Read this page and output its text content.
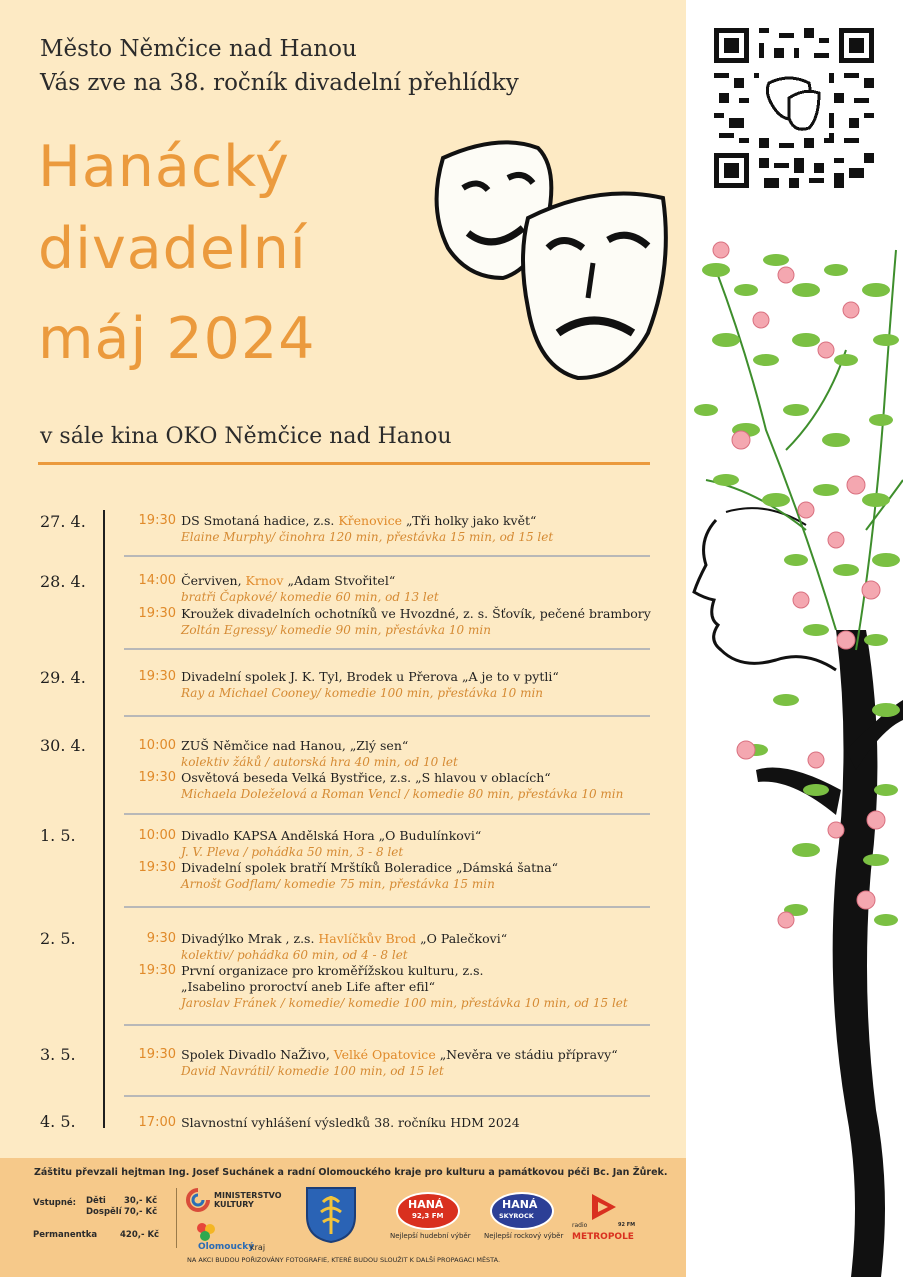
Město Němčice nad Hanou
Vás zve na 38. ročník divadelní přehlídky
Hanácký
divadelní
máj 2024
v sále kina OKO Němčice nad Hanou
27. 4.	19:30 DS Smotaná hadice, z.s. Křenovice „Tři holky jako květ“
Elaine Murphy/ činohra 120 min, přestávka 15 min, od 15 let
28. 4.	14:00 Červiven, Krnov „Adam Stvořitel“
bratři Čapkové/ komedie 60 min, od 13 let
19:30 Kroužek divadelních ochotníků ve Hvozdné, z. s. Šťovík, pečené brambory
Zoltán Egressy/ komedie 90 min, přestávka 10 min
29. 4.	19:30 Divadelní spolek J. K. Tyl, Brodek u Přerova „A je to v pytli“
Ray a Michael Cooney/ komedie 100 min, přestávka 10 min
30. 4.	10:00 ZUŠ Němčice nad Hanou, „Zlý sen“
kolektiv žáků / autorská hra 40 min, od 10 let
19:30 Osvětová beseda Velká Bystřice, z.s. „S hlavou v oblacích“
Michaela Doleželová a Roman Vencl / komedie 80 min, přestávka 10 min
1. 5.	10:00 Divadlo KAPSA Andělská Hora „O Budulínkovi“
J. V. Pleva / pohádka 50 min, 3 - 8 let
19:30 Divadelní spolek bratří Mrštíků Boleradice „Dámská šatna“
Arnošt Godflam/ komedie 75 min, přestávka 15 min
2. 5.	9:30 Divadýlko Mrak , z.s. Havlíčkův Brod „O Palečkovi“
kolektiv/ pohádka 60 min, od 4 - 8 let
19:30 První organizace pro kroměřížskou kulturu, z.s.
„Isabelino proroctví aneb Life after efil“
Jaroslav Fránek / komedie/ komedie 100 min, přestávka 10 min, od 15 let
3. 5.	19:30 Spolek Divadlo NaŽivo, Velké Opatovice „Nevěra ve stádiu přípravy“
David Navrátil/ komedie 100 min, od 15 let
4. 5.	17:00 Slavnostní vyhlášení výsledků 38. ročníku HDM 2024
Záštitu převzali hejtman Ing. Josef Suchánek a radní Olomouckého kraje pro kulturu a památkovou péči Bc. Jan Žůrek.
Vstupné: Děti 30,- Kč
Dospělí 70,- Kč
Permanentka	420,- Kč
MINISTERSTVO
KULTURY
Olomoucký
kraj
HANÁ
92,3 FM
Nejlepší hudební výběr
HANÁ
SKYROCK
Nejlepší rockový výběr
radio	92 FM
METROPOLE
NA AKCI BUDOU POŘIZOVÁNY FOTOGRAFIE, KTERÉ BUDOU SLOUŽIT K DALŠÍ PROPAGACI MĚSTA.
